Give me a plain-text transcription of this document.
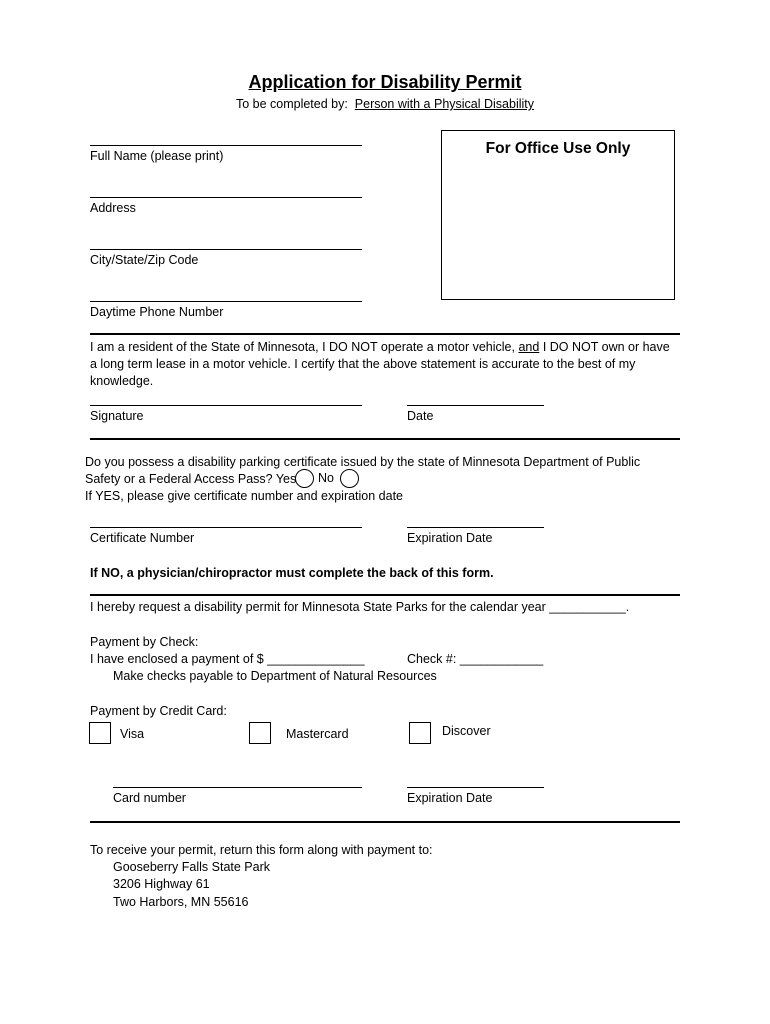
Application for Disability Permit
To be completed by: Person with a Physical Disability
For Office Use Only
Full Name (please print)
Address
City/State/Zip Code
Daytime Phone Number
I am a resident of the State of Minnesota, I DO NOT operate a motor vehicle, and I DO NOT own or have
a long term lease in a motor vehicle. I certify that the above statement is accurate to the best of my
knowledge.
Signature	Date
Do you possess a disability parking certificate issued by the state of Minnesota Department of Public
Safety or a Federal Access Pass? Yes
If YES, please give certificate number and expiration date
No
Certificate Number	Expiration Date
If NO, a physician/chiropractor must complete the back of this form.
I hereby request a disability permit for Minnesota State Parks for the calendar year ___________.
Payment by Check:
I have enclosed a payment of $ ______________	Check #: ____________
Make checks payable to Department of Natural Resources
Payment by Credit Card:
Visa	Mastercard	Discover
Card number	Expiration Date
To receive your permit, return this form along with payment to:
Gooseberry Falls State Park
3206 Highway 61
Two Harbors, MN 55616
